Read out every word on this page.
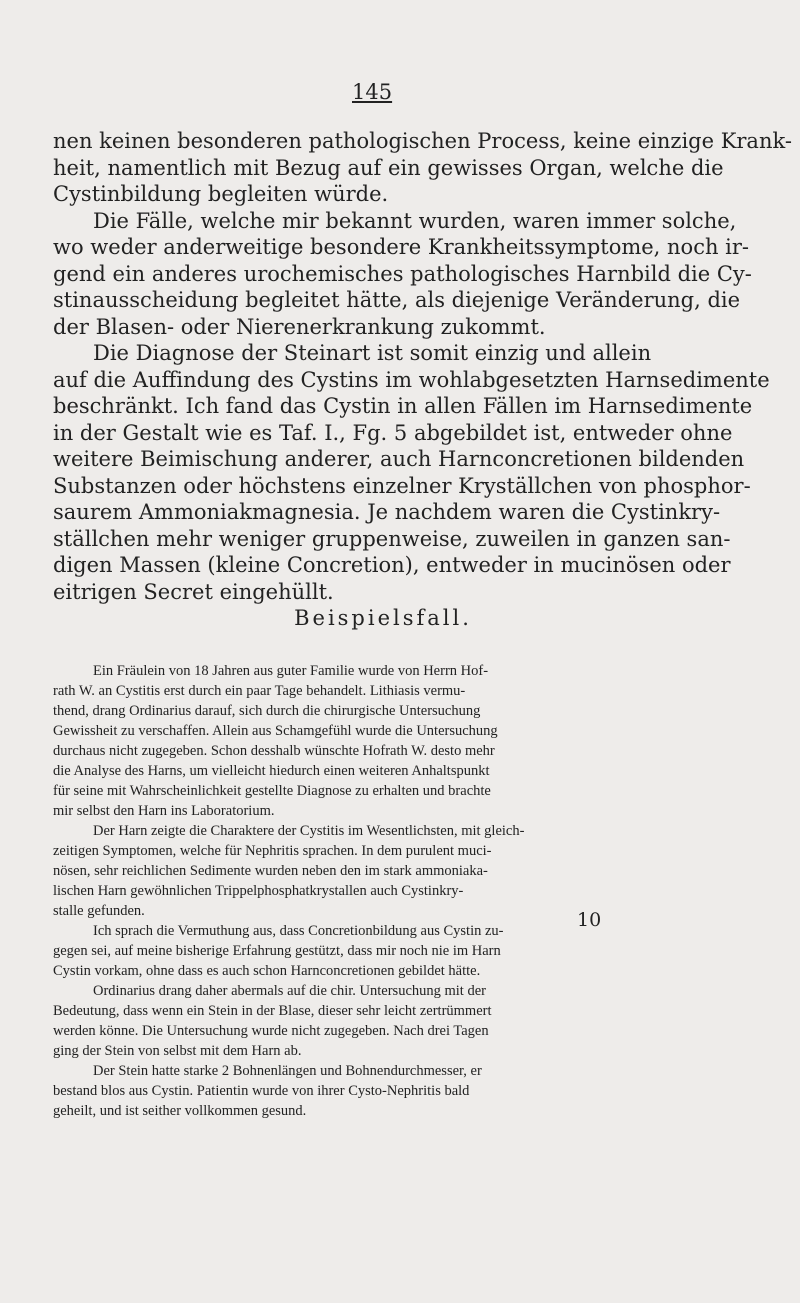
145
nen keinen besonderen pathologischen Process, keine einzige Krank-
heit, namentlich mit Bezug auf ein gewisses Organ, welche die
Cystinbildung begleiten würde.
Die Fälle, welche mir bekannt wurden, waren immer solche,
wo weder anderweitige besondere Krankheitssymptome, noch ir-
gend ein anderes urochemisches pathologisches Harnbild die Cy-
stinausscheidung begleitet hätte, als diejenige Veränderung, die
der Blasen- oder Nierenerkrankung zukommt.
Die Diagnose der Steinart ist somit einzig und allein
auf die Auffindung des Cystins im wohlabgesetzten Harnsedimente
beschränkt. Ich fand das Cystin in allen Fällen im Harnsedimente
in der Gestalt wie es Taf. I., Fg. 5 abgebildet ist, entweder ohne
weitere Beimischung anderer, auch Harnconcretionen bildenden
Substanzen oder höchstens einzelner Kryställchen von phosphor-
saurem Ammoniakmagnesia. Je nachdem waren die Cystinkry-
ställchen mehr weniger gruppenweise, zuweilen in ganzen san-
digen Massen (kleine Concretion), entweder in mucinösen oder
eitrigen Secret eingehüllt.
Beispielsfall.
Ein Fräulein von 18 Jahren aus guter Familie wurde von Herrn Hof-
rath W. an Cystitis erst durch ein paar Tage behandelt. Lithiasis vermu-
thend, drang Ordinarius darauf, sich durch die chirurgische Untersuchung
Gewissheit zu verschaffen. Allein aus Schamgefühl wurde die Untersuchung
durchaus nicht zugegeben. Schon desshalb wünschte Hofrath W. desto mehr
die Analyse des Harns, um vielleicht hiedurch einen weiteren Anhaltspunkt
für seine mit Wahrscheinlichkeit gestellte Diagnose zu erhalten und brachte
mir selbst den Harn ins Laboratorium.
Der Harn zeigte die Charaktere der Cystitis im Wesentlichsten, mit gleich-
zeitigen Symptomen, welche für Nephritis sprachen. In dem purulent muci-
nösen, sehr reichlichen Sedimente wurden neben den im stark ammoniaka-
lischen Harn gewöhnlichen Trippelphosphatkrystallen auch Cystinkry-
stalle gefunden.
Ich sprach die Vermuthung aus, dass Concretionbildung aus Cystin zu-
gegen sei, auf meine bisherige Erfahrung gestützt, dass mir noch nie im Harn
Cystin vorkam, ohne dass es auch schon Harnconcretionen gebildet hätte.
Ordinarius drang daher abermals auf die chir. Untersuchung mit der
Bedeutung, dass wenn ein Stein in der Blase, dieser sehr leicht zertrümmert
werden könne. Die Untersuchung wurde nicht zugegeben. Nach drei Tagen
ging der Stein von selbst mit dem Harn ab.
Der Stein hatte starke 2 Bohnenlängen und Bohnendurchmesser, er
bestand blos aus Cystin. Patientin wurde von ihrer Cysto-Nephritis bald
geheilt, und ist seither vollkommen gesund.
10
